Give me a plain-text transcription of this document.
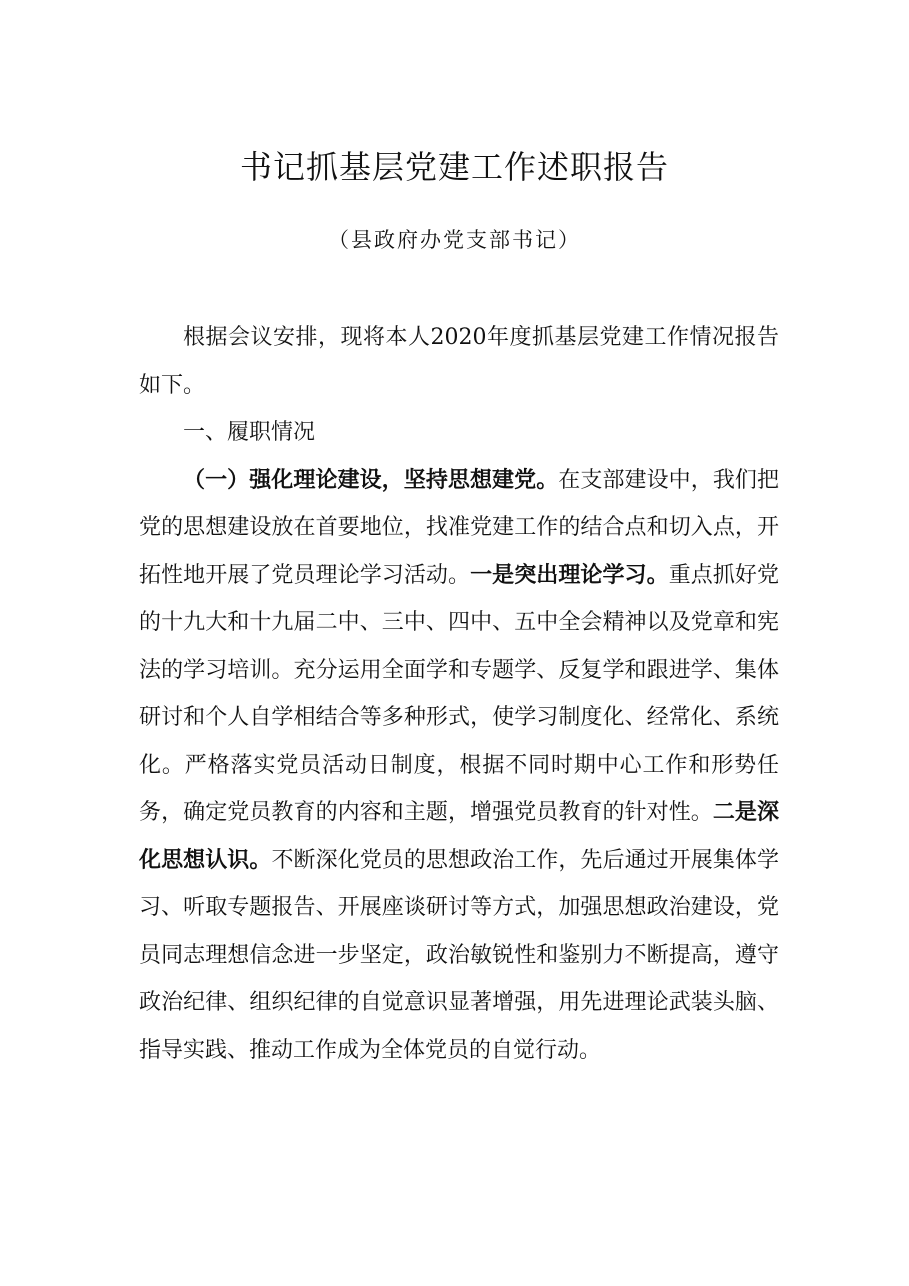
书记抓基层党建工作述职报告
（县政府办党支部书记）

根据会议安排，现将本人2020年度抓基层党建工作情况报告如下。

一、履职情况

（一）强化理论建设，坚持思想建党。在支部建设中，我们把党的思想建设放在首要地位，找准党建工作的结合点和切入点，开拓性地开展了党员理论学习活动。一是突出理论学习。重点抓好党的十九大和十九届二中、三中、四中、五中全会精神以及党章和宪法的学习培训。充分运用全面学和专题学、反复学和跟进学、集体研讨和个人自学相结合等多种形式，使学习制度化、经常化、系统化。严格落实党员活动日制度，根据不同时期中心工作和形势任务，确定党员教育的内容和主题，增强党员教育的针对性。二是深化思想认识。不断深化党员的思想政治工作，先后通过开展集体学习、听取专题报告、开展座谈研讨等方式，加强思想政治建设，党员同志理想信念进一步坚定，政治敏锐性和鉴别力不断提高，遵守政治纪律、组织纪律的自觉意识显著增强，用先进理论武装头脑、指导实践、推动工作成为全体党员的自觉行动。
